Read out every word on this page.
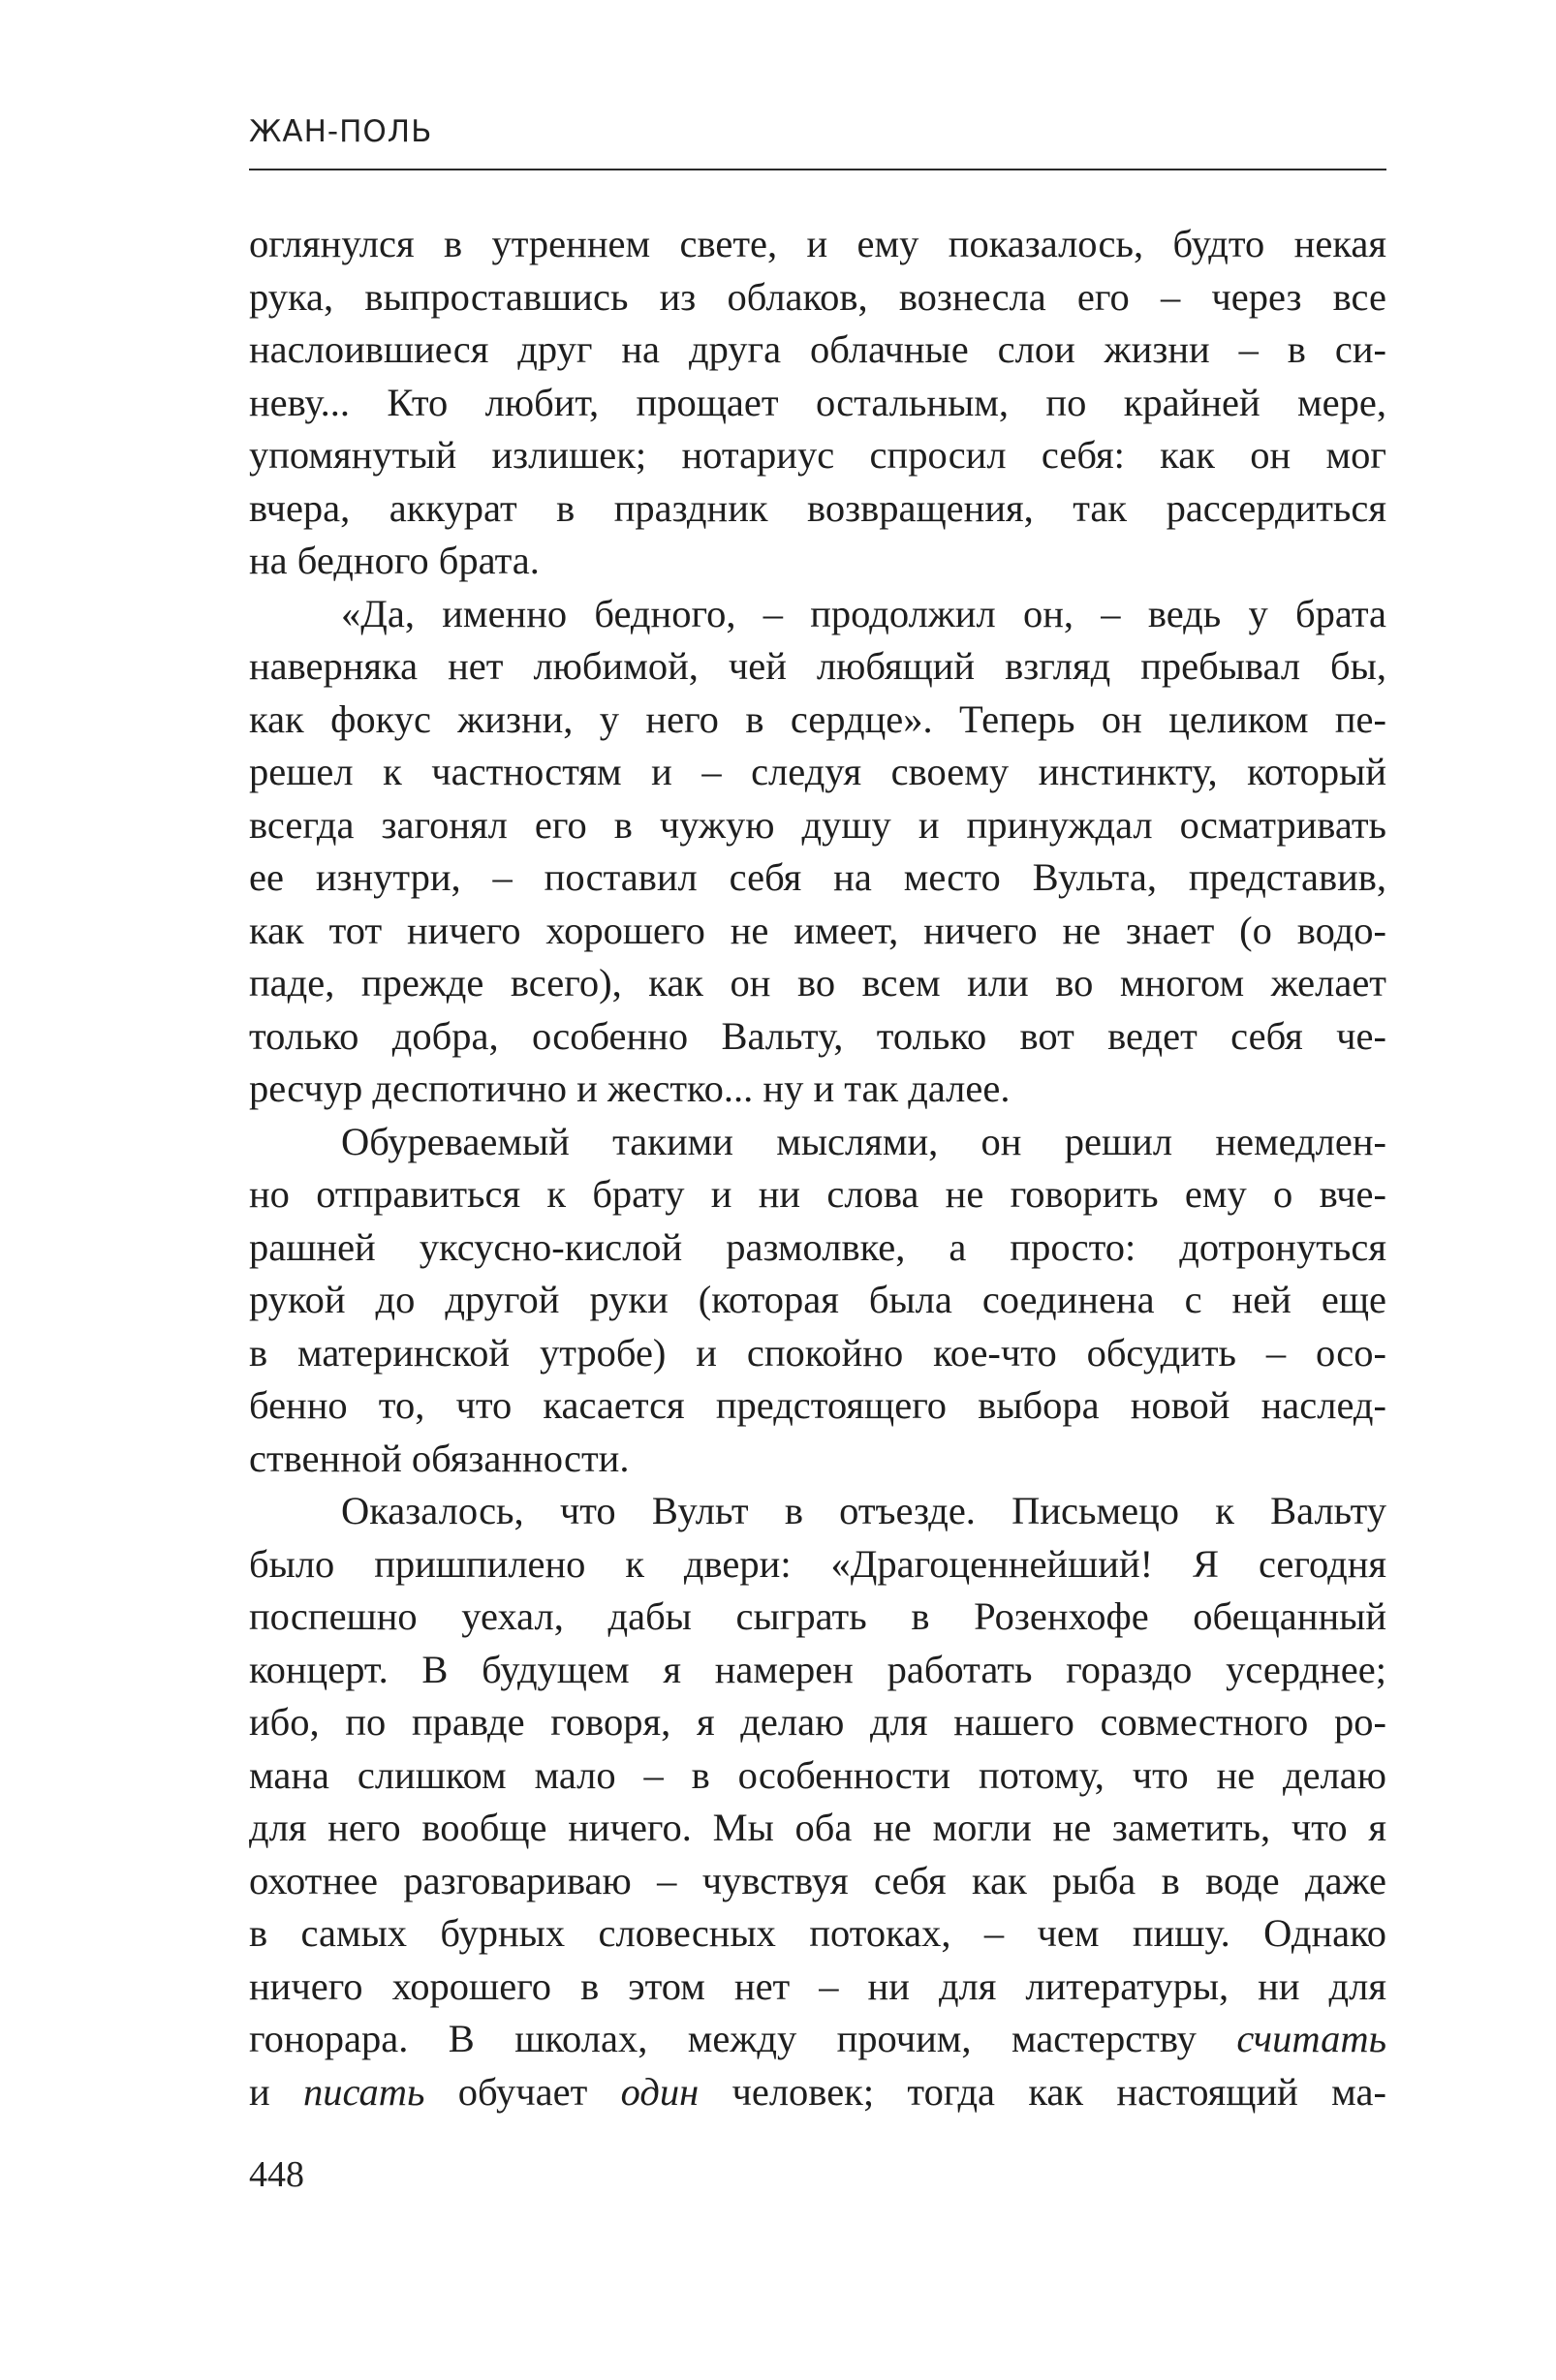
ЖАН-ПОЛЬ

оглянулся в утреннем свете, и ему показалось, будто некая
рука, выпроставшись из облаков, вознесла его – через все
наслоившиеся друг на друга облачные слои жизни – в си-
неву... Кто любит, прощает остальным, по крайней мере,
упомянутый излишек; нотариус спросил себя: как он мог
вчера, аккурат в праздник возвращения, так рассердиться
на бедного брата.

«Да, именно бедного, – продолжил он, – ведь у брата
наверняка нет любимой, чей любящий взгляд пребывал бы,
как фокус жизни, у него в сердце». Теперь он целиком пе-
решел к частностям и – следуя своему инстинкту, который
всегда загонял его в чужую душу и принуждал осматривать
ее изнутри, – поставил себя на место Вульта, представив,
как тот ничего хорошего не имеет, ничего не знает (о водо-
паде, прежде всего), как он во всем или во многом желает
только добра, особенно Вальту, только вот ведет себя че-
ресчур деспотично и жестко... ну и так далее.

Обуреваемый такими мыслями, он решил немедлен-
но отправиться к брату и ни слова не говорить ему о вче-
рашней уксусно-кислой размолвке, а просто: дотронуться
рукой до другой руки (которая была соединена с ней еще
в материнской утробе) и спокойно кое-что обсудить – осо-
бенно то, что касается предстоящего выбора новой наслед-
ственной обязанности.

Оказалось, что Вульт в отъезде. Письмецо к Вальту
было пришпилено к двери: «Драгоценнейший! Я сегодня
поспешно уехал, дабы сыграть в Розенхофе обещанный
концерт. В будущем я намерен работать гораздо усерднее;
ибо, по правде говоря, я делаю для нашего совместного ро-
мана слишком мало – в особенности потому, что не делаю
для него вообще ничего. Мы оба не могли не заметить, что я
охотнее разговариваю – чувствуя себя как рыба в воде даже
в самых бурных словесных потоках, – чем пишу. Однако
ничего хорошего в этом нет – ни для литературы, ни для
гонорара. В школах, между прочим, мастерству считать
и писать обучает один человек; тогда как настоящий ма-

448
